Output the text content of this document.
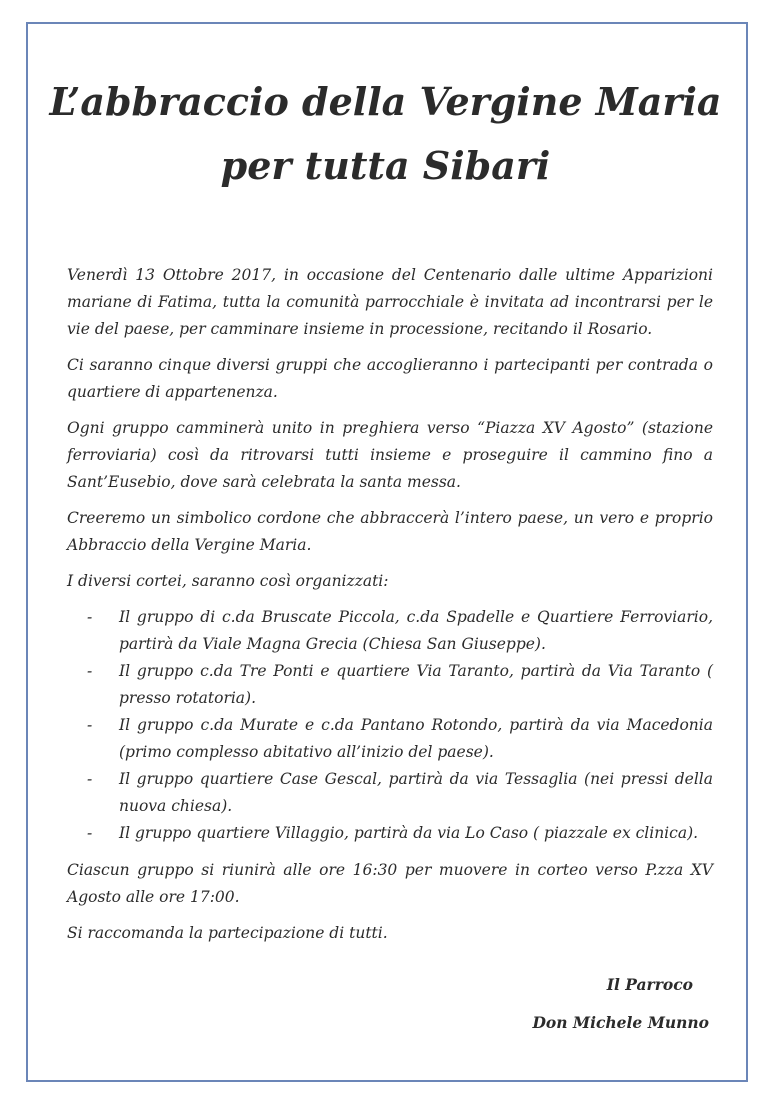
L’abbraccio della Vergine Maria
per tutta Sibari

Venerdì 13 Ottobre 2017, in occasione del Centenario dalle ultime Apparizioni mariane di Fatima, tutta la comunità parrocchiale è invitata ad incontrarsi per le vie del paese, per camminare insieme in processione, recitando il Rosario.

Ci saranno cinque diversi gruppi che accoglieranno i partecipanti per contrada o quartiere di appartenenza.

Ogni gruppo camminerà unito in preghiera verso “Piazza XV Agosto” (stazione ferroviaria) così da ritrovarsi tutti insieme e proseguire il cammino fino a Sant’Eusebio, dove sarà celebrata la santa messa.

Creeremo un simbolico cordone che abbraccerà l’intero paese, un vero e proprio Abbraccio della Vergine Maria.

I diversi cortei, saranno così organizzati:

- Il gruppo di c.da Bruscate Piccola, c.da Spadelle e Quartiere Ferroviario, partirà da Viale Magna Grecia (Chiesa San Giuseppe).
- Il gruppo c.da Tre Ponti e quartiere Via Taranto, partirà da Via Taranto ( presso rotatoria).
- Il gruppo c.da Murate e c.da Pantano Rotondo, partirà da via Macedonia (primo complesso abitativo all’inizio del paese).
- Il gruppo quartiere Case Gescal, partirà da via Tessaglia (nei pressi della nuova chiesa).
- Il gruppo quartiere Villaggio, partirà da via Lo Caso ( piazzale ex clinica).

Ciascun gruppo si riunirà alle ore 16:30 per muovere in corteo verso P.zza XV Agosto alle ore 17:00.

Si raccomanda la partecipazione di tutti.

Il Parroco
Don Michele Munno
